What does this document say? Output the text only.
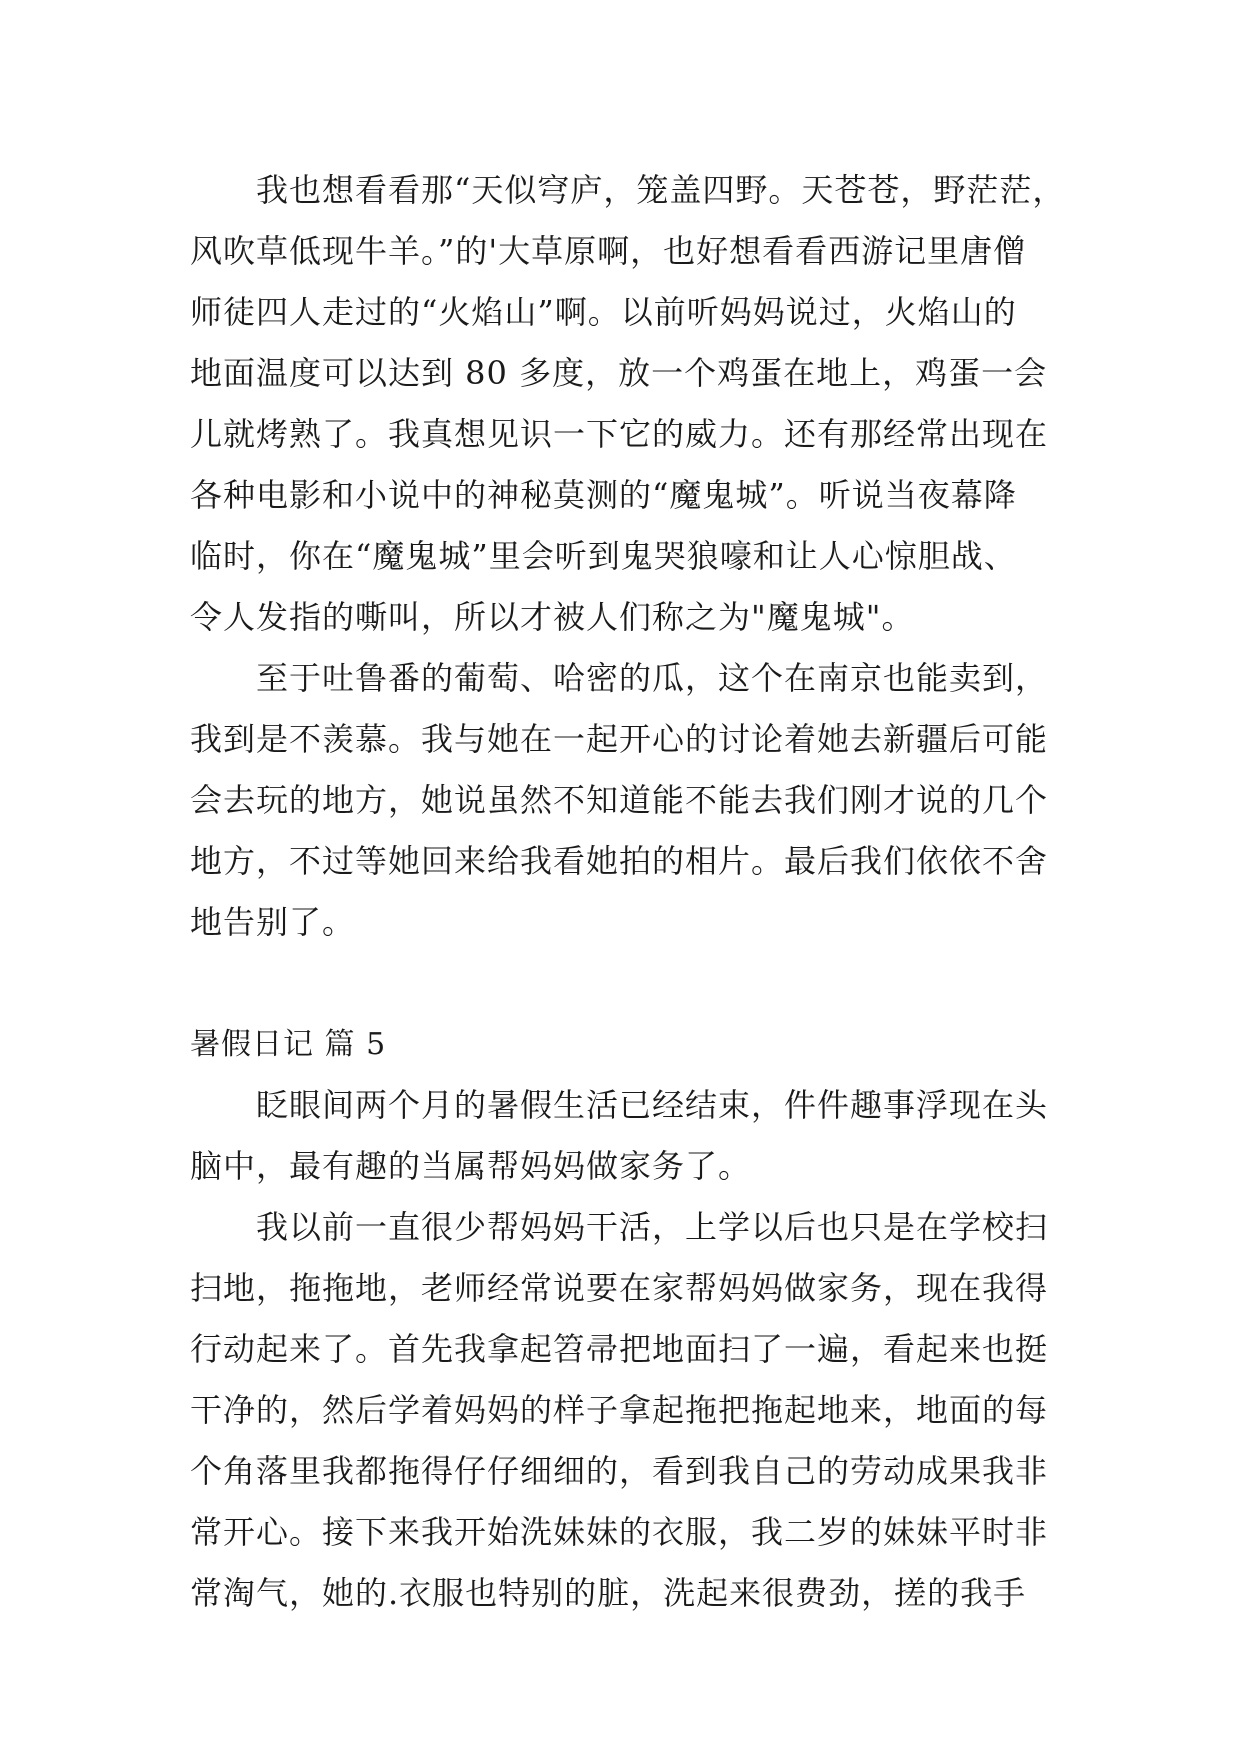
　　我也想看看那“天似穹庐，笼盖四野。天苍苍，野茫茫，
风吹草低现牛羊。”的'大草原啊，也好想看看西游记里唐僧
师徒四人走过的“火焰山”啊。以前听妈妈说过，火焰山的
地面温度可以达到 80 多度，放一个鸡蛋在地上，鸡蛋一会
儿就烤熟了。我真想见识一下它的威力。还有那经常出现在
各种电影和小说中的神秘莫测的“魔鬼城”。听说当夜幕降
临时，你在“魔鬼城”里会听到鬼哭狼嚎和让人心惊胆战、
令人发指的嘶叫，所以才被人们称之为"魔鬼城"。
　　至于吐鲁番的葡萄、哈密的瓜，这个在南京也能卖到，
我到是不羡慕。我与她在一起开心的讨论着她去新疆后可能
会去玩的地方，她说虽然不知道能不能去我们刚才说的几个
地方，不过等她回来给我看她拍的相片。最后我们依依不舍
地告别了。
暑假日记 篇 5
　　眨眼间两个月的暑假生活已经结束，件件趣事浮现在头
脑中，最有趣的当属帮妈妈做家务了。
　　我以前一直很少帮妈妈干活，上学以后也只是在学校扫
扫地，拖拖地，老师经常说要在家帮妈妈做家务，现在我得
行动起来了。首先我拿起笤帚把地面扫了一遍，看起来也挺
干净的，然后学着妈妈的样子拿起拖把拖起地来，地面的每
个角落里我都拖得仔仔细细的，看到我自己的劳动成果我非
常开心。接下来我开始洗妹妹的衣服，我二岁的妹妹平时非
常淘气，她的.衣服也特别的脏，洗起来很费劲，搓的我手
